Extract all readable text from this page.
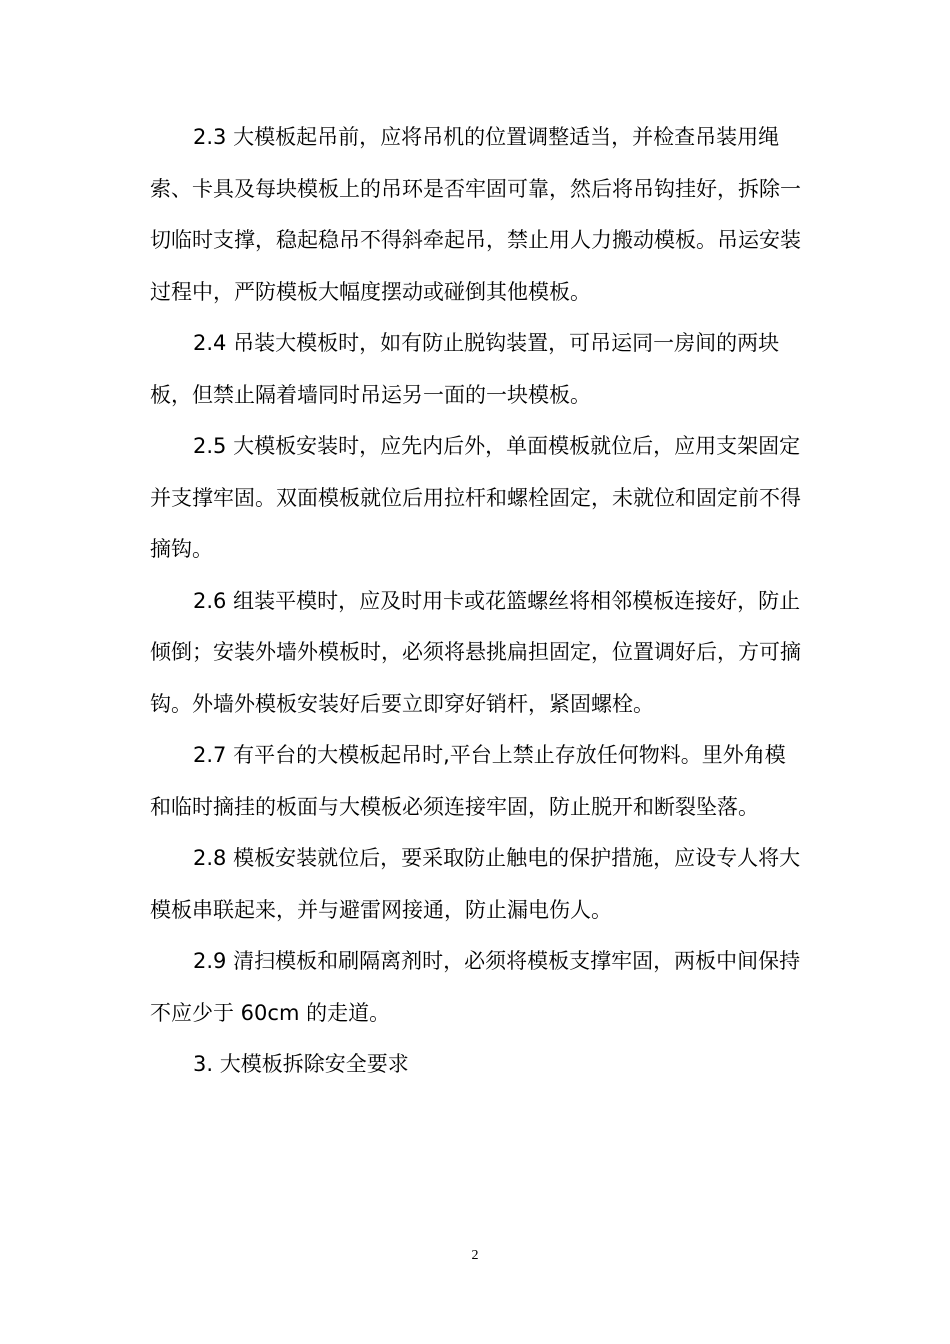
2.3 大模板起吊前，应将吊机的位置调整适当，并检查吊装用绳索、卡具及每块模板上的吊环是否牢固可靠，然后将吊钩挂好，拆除一切临时支撑，稳起稳吊不得斜牵起吊，禁止用人力搬动模板。吊运安装过程中，严防模板大幅度摆动或碰倒其他模板。

2.4 吊装大模板时，如有防止脱钩装置，可吊运同一房间的两块板，但禁止隔着墙同时吊运另一面的一块模板。

2.5 大模板安装时，应先内后外，单面模板就位后，应用支架固定并支撑牢固。双面模板就位后用拉杆和螺栓固定，未就位和固定前不得摘钩。

2.6 组装平模时，应及时用卡或花篮螺丝将相邻模板连接好，防止倾倒；安装外墙外模板时，必须将悬挑扁担固定，位置调好后，方可摘钩。外墙外模板安装好后要立即穿好销杆，紧固螺栓。

2.7 有平台的大模板起吊时,平台上禁止存放任何物料。里外角模和临时摘挂的板面与大模板必须连接牢固，防止脱开和断裂坠落。

2.8 模板安装就位后，要采取防止触电的保护措施，应设专人将大模板串联起来，并与避雷网接通，防止漏电伤人。

2.9 清扫模板和刷隔离剂时，必须将模板支撑牢固，两板中间保持不应少于 60cm 的走道。

3. 大模板拆除安全要求

2
